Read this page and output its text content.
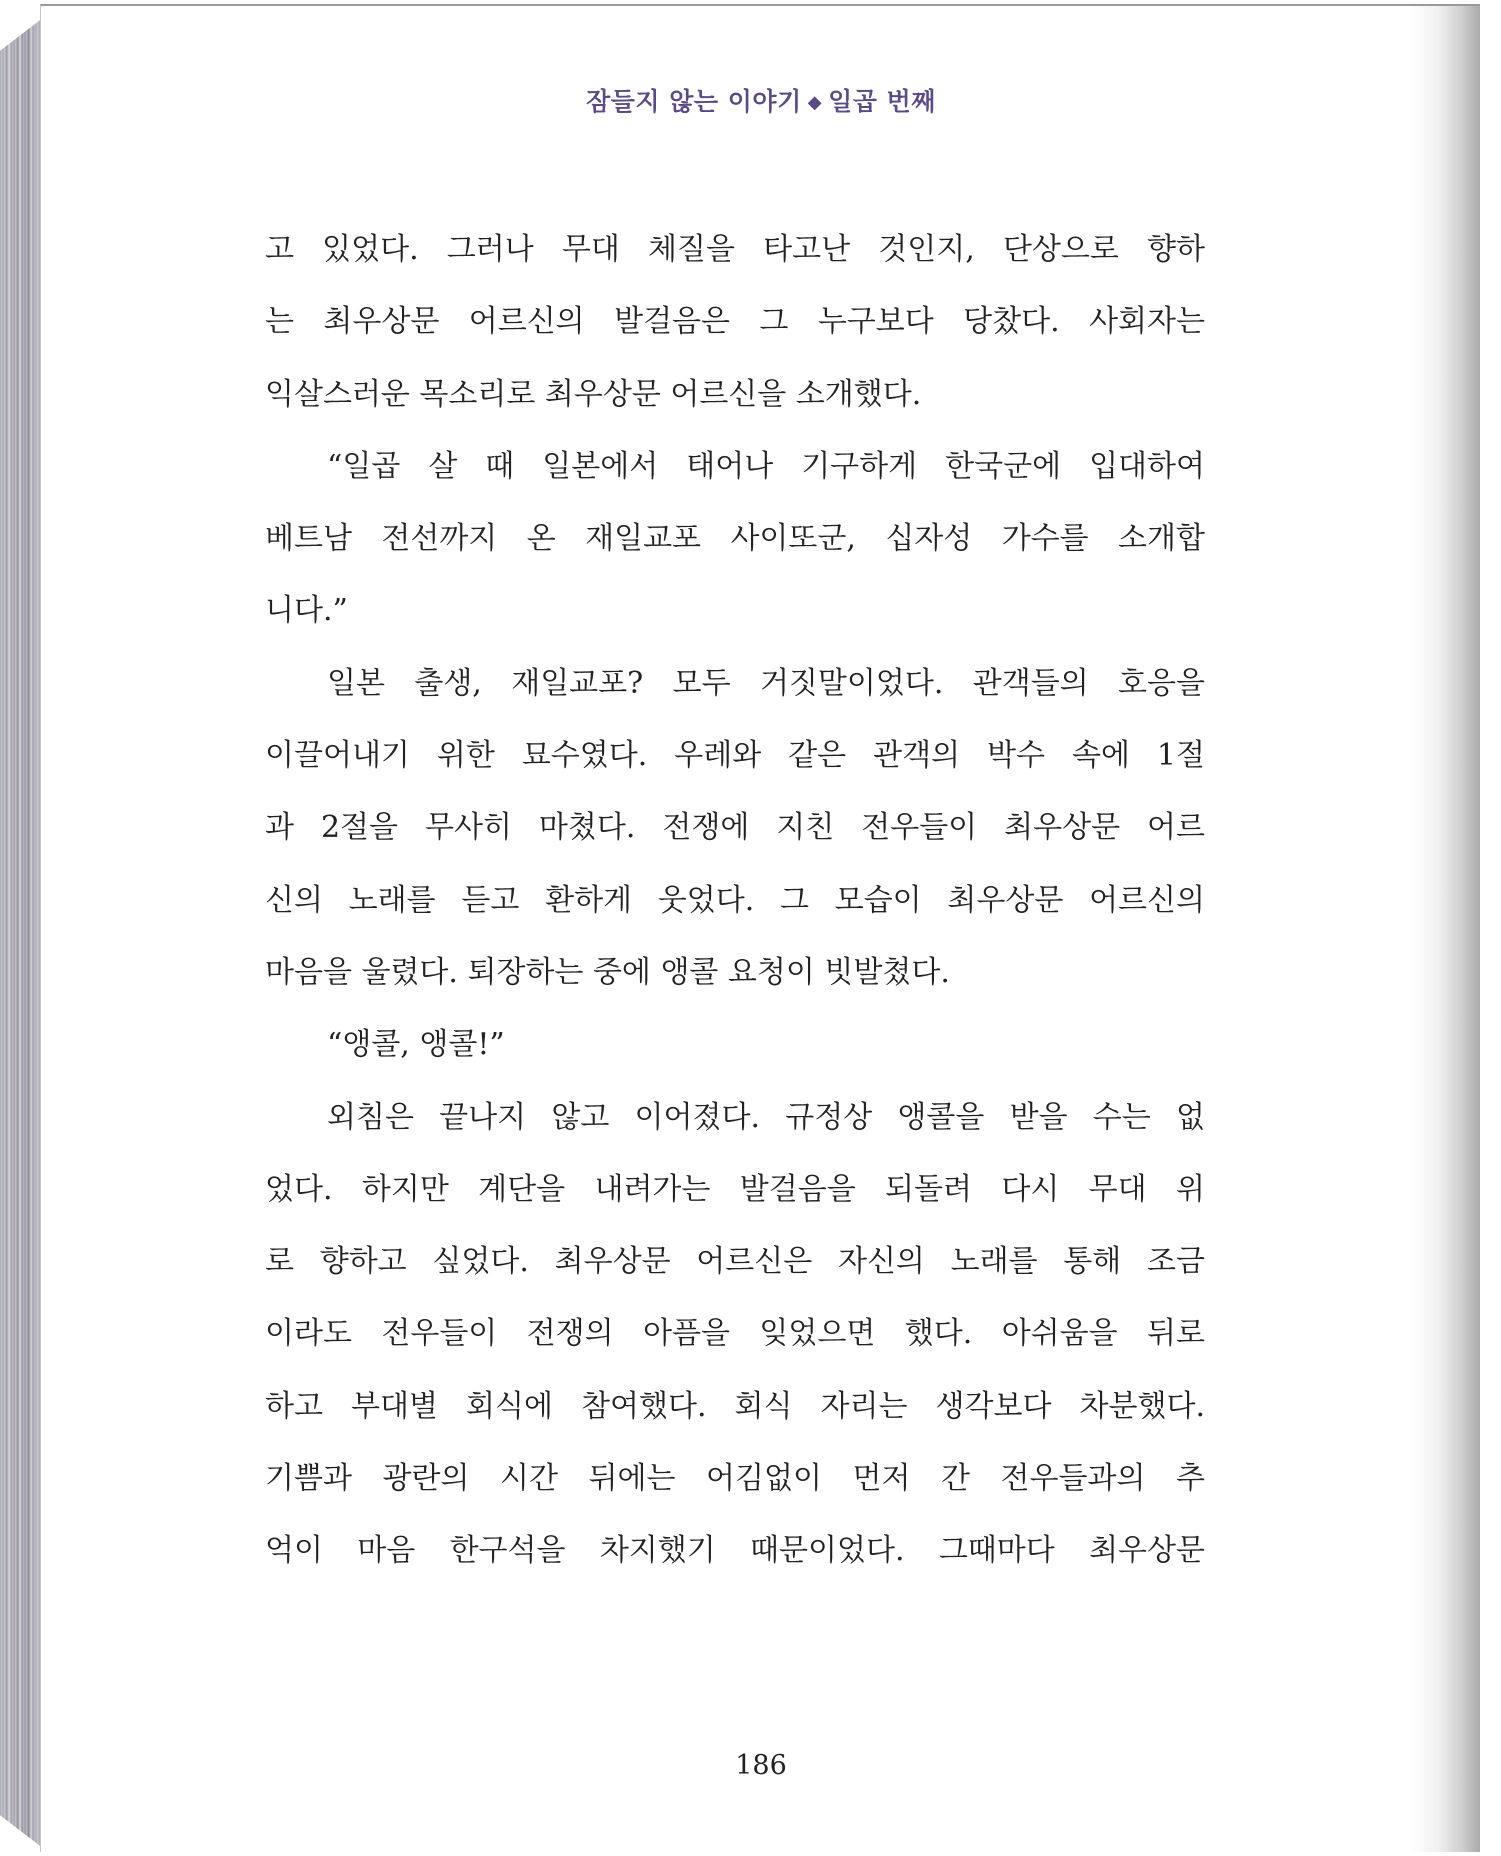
잠들지 않는 이야기 ◆ 일곱 번째
고 있었다. 그러나 무대 체질을 타고난 것인지, 단상으로 향하
는 최우상문 어르신의 발걸음은 그 누구보다 당찼다. 사회자는
익살스러운 목소리로 최우상문 어르신을 소개했다.
“일곱 살 때 일본에서 태어나 기구하게 한국군에 입대하여
베트남 전선까지 온 재일교포 사이또군, 십자성 가수를 소개합
니다.”
일본 출생, 재일교포? 모두 거짓말이었다. 관객들의 호응을
이끌어내기 위한 묘수였다. 우레와 같은 관객의 박수 속에 1절
과 2절을 무사히 마쳤다. 전쟁에 지친 전우들이 최우상문 어르
신의 노래를 듣고 환하게 웃었다. 그 모습이 최우상문 어르신의
마음을 울렸다. 퇴장하는 중에 앵콜 요청이 빗발쳤다.
“앵콜, 앵콜!”
외침은 끝나지 않고 이어졌다. 규정상 앵콜을 받을 수는 없
었다. 하지만 계단을 내려가는 발걸음을 되돌려 다시 무대 위
로 향하고 싶었다. 최우상문 어르신은 자신의 노래를 통해 조금
이라도 전우들이 전쟁의 아픔을 잊었으면 했다. 아쉬움을 뒤로
하고 부대별 회식에 참여했다. 회식 자리는 생각보다 차분했다.
기쁨과 광란의 시간 뒤에는 어김없이 먼저 간 전우들과의 추
억이 마음 한구석을 차지했기 때문이었다. 그때마다 최우상문
186
